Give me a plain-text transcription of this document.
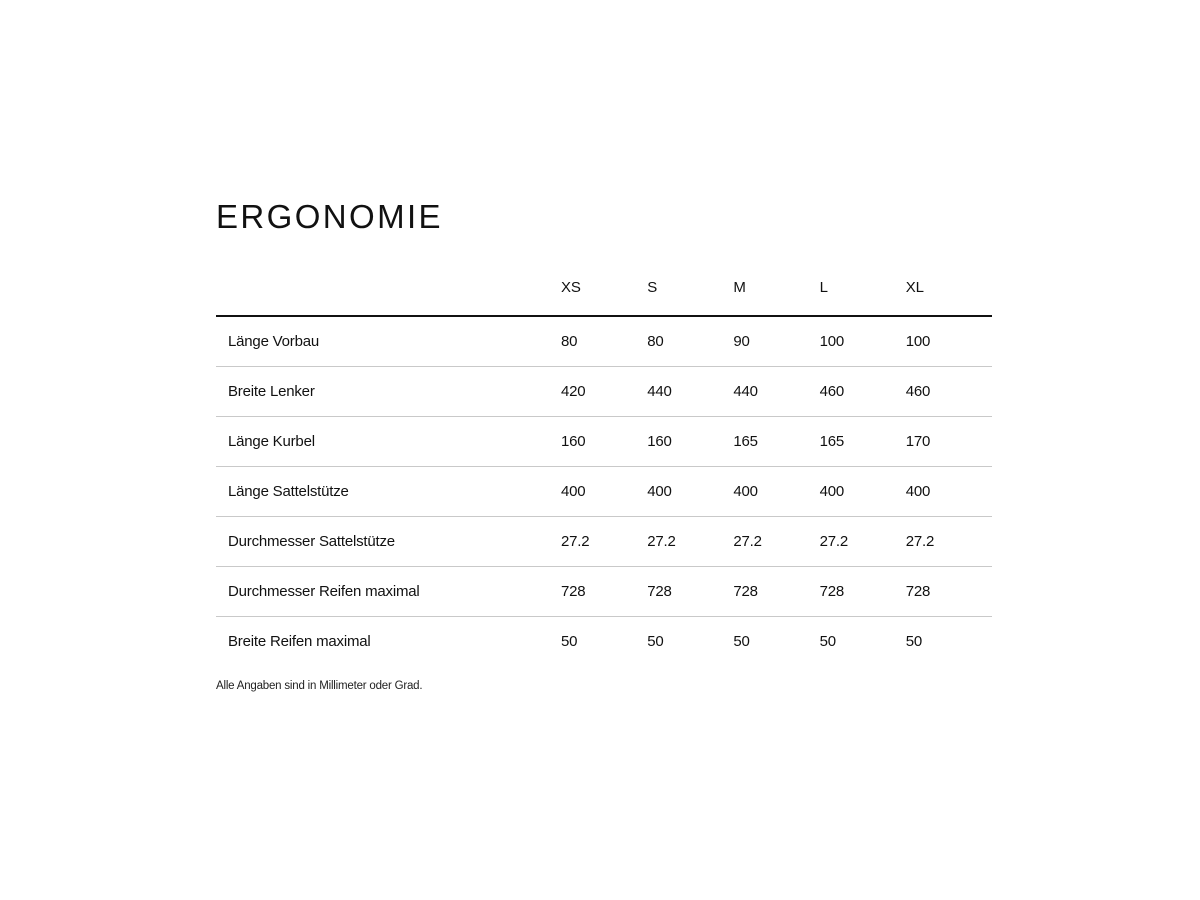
ERGONOMIE
	XS	S	M	L	XL
Länge Vorbau	80	80	90	100	100
Breite Lenker	420	440	440	460	460
Länge Kurbel	160	160	165	165	170
Länge Sattelstütze	400	400	400	400	400
Durchmesser Sattelstütze	27.2	27.2	27.2	27.2	27.2
Durchmesser Reifen maximal	728	728	728	728	728
Breite Reifen maximal	50	50	50	50	50
Alle Angaben sind in Millimeter oder Grad.
